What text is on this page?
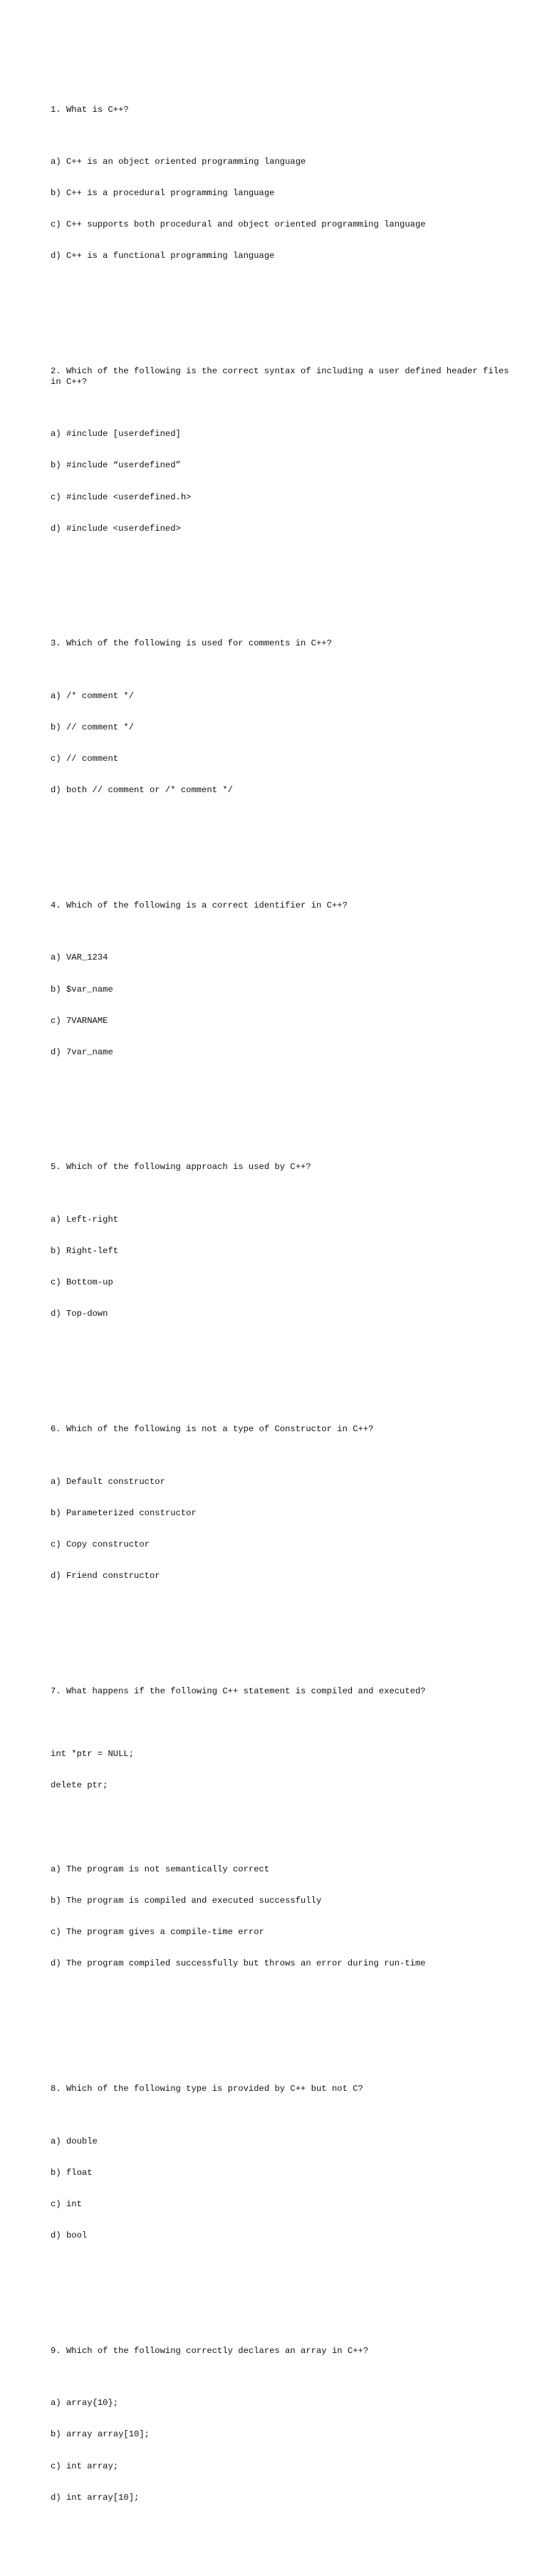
1. What is C++?

a) C++ is an object oriented programming language

b) C++ is a procedural programming language

c) C++ supports both procedural and object oriented programming language

d) C++ is a functional programming language

2. Which of the following is the correct syntax of including a user defined header files in C++?

a) #include [userdefined]

b) #include “userdefined”

c) #include <userdefined.h>

d) #include <userdefined>

3. Which of the following is used for comments in C++?

a) /* comment */

b) // comment */

c) // comment

d) both // comment or /* comment */

4. Which of the following is a correct identifier in C++?

a) VAR_1234

b) $var_name

c) 7VARNAME

d) 7var_name

5. Which of the following approach is used by C++?

a) Left-right

b) Right-left

c) Bottom-up

d) Top-down

6. Which of the following is not a type of Constructor in C++?

a) Default constructor

b) Parameterized constructor

c) Copy constructor

d) Friend constructor

7. What happens if the following C++ statement is compiled and executed?

int *ptr = NULL;

delete ptr;

a) The program is not semantically correct

b) The program is compiled and executed successfully

c) The program gives a compile-time error

d) The program compiled successfully but throws an error during run-time

8. Which of the following type is provided by C++ but not C?

a) double

b) float

c) int

d) bool

9. Which of the following correctly declares an array in C++?

a) array{10};

b) array array[10];

c) int array;

d) int array[10];
